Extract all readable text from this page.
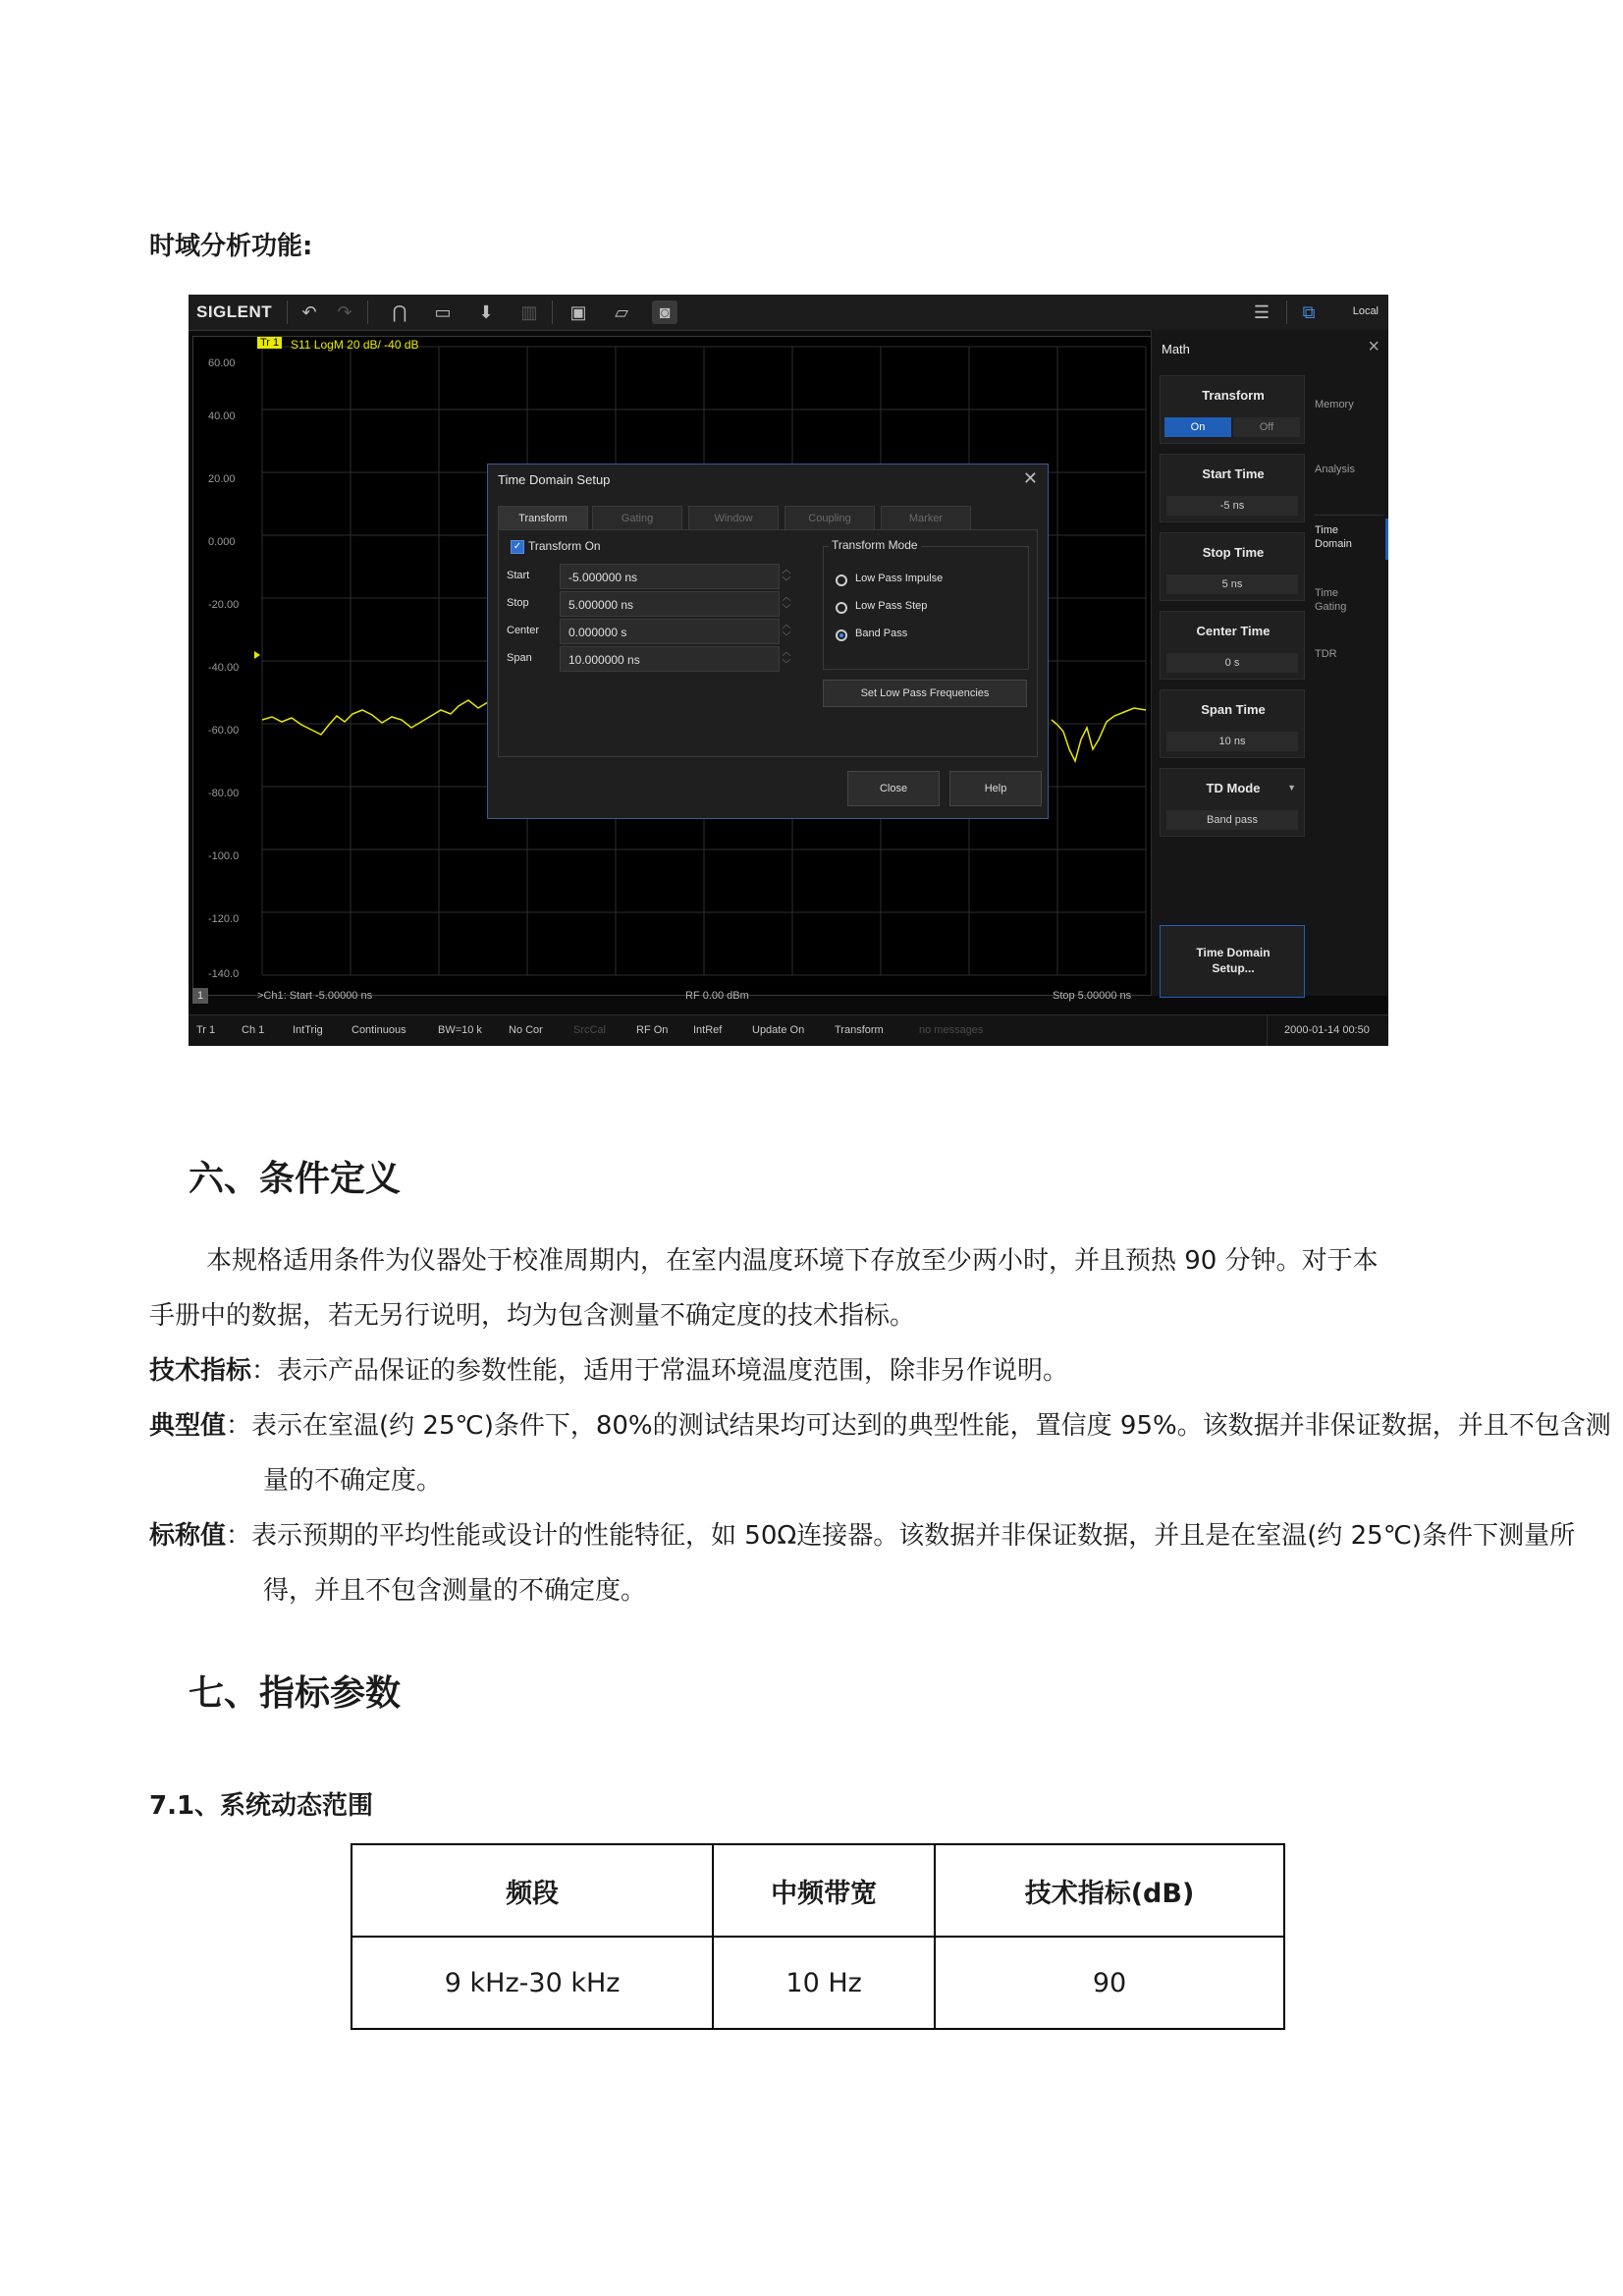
时域分析功能:
SIGLENT	↶	↷	⋂	▭	⬇	▥ ▣	▱	◙	☰	⧉	Local
Tr 1 S11 LogM 20 dB/ -40 dB
60.00
40.00
20.00
0.000
-20.00
-40.00
-60.00
-80.00
-100.0
-120.0
-140.0
1	>Ch1: Start -5.00000 ns	RF 0.00 dBm	Stop 5.00000 ns
Time Domain Setup	✕
Transform	Gating	Window	Coupling	Marker
✓ Transform On
Start	-5.000000 ns
︿
﹀
Stop	5.000000 ns
︿
﹀
Center	0.000000 s
︿
﹀
Span	10.000000 ns
︿
﹀
Low Pass Impulse
Low Pass Step
Band Pass
Transform Mode
Set Low Pass Frequencies
Close	Help
Math	×
Transform
On	Off
Start Time
-5 ns
Stop Time
5 ns
Center Time
0 s
Span Time
10 ns
TD Mode	▼
Band pass
Time Domain
Setup...
Memory
Analysis
Time
Domain
Time
Gating
TDR
Tr 1 Ch 1	IntTrig	Continuous	BW=10 k No Cor	SrcCal	RF On IntRef	Update On	Transform	no messages	2000-01-14 00:50
六、条件定义
本规格适用条件为仪器处于校准周期内，在室内温度环境下存放至少两小时，并且预热 90 分钟。对于本
手册中的数据，若无另行说明，均为包含测量不确定度的技术指标。
技术指标：表示产品保证的参数性能，适用于常温环境温度范围，除非另作说明。
典型值：表示在室温(约 25℃)条件下，80%的测试结果均可达到的典型性能，置信度 95%。该数据并非保证数据，并且不包含测量的不确定度。
标称值：表示预期的平均性能或设计的性能特征，如 50Ω连接器。该数据并非保证数据，并且是在室温(约 25℃)条件下测量所得，并且不包含测量的不确定度。
七、指标参数
7.1、系统动态范围
频段	中频带宽	技术指标(dB)
9 kHz-30 kHz	10 Hz	90
